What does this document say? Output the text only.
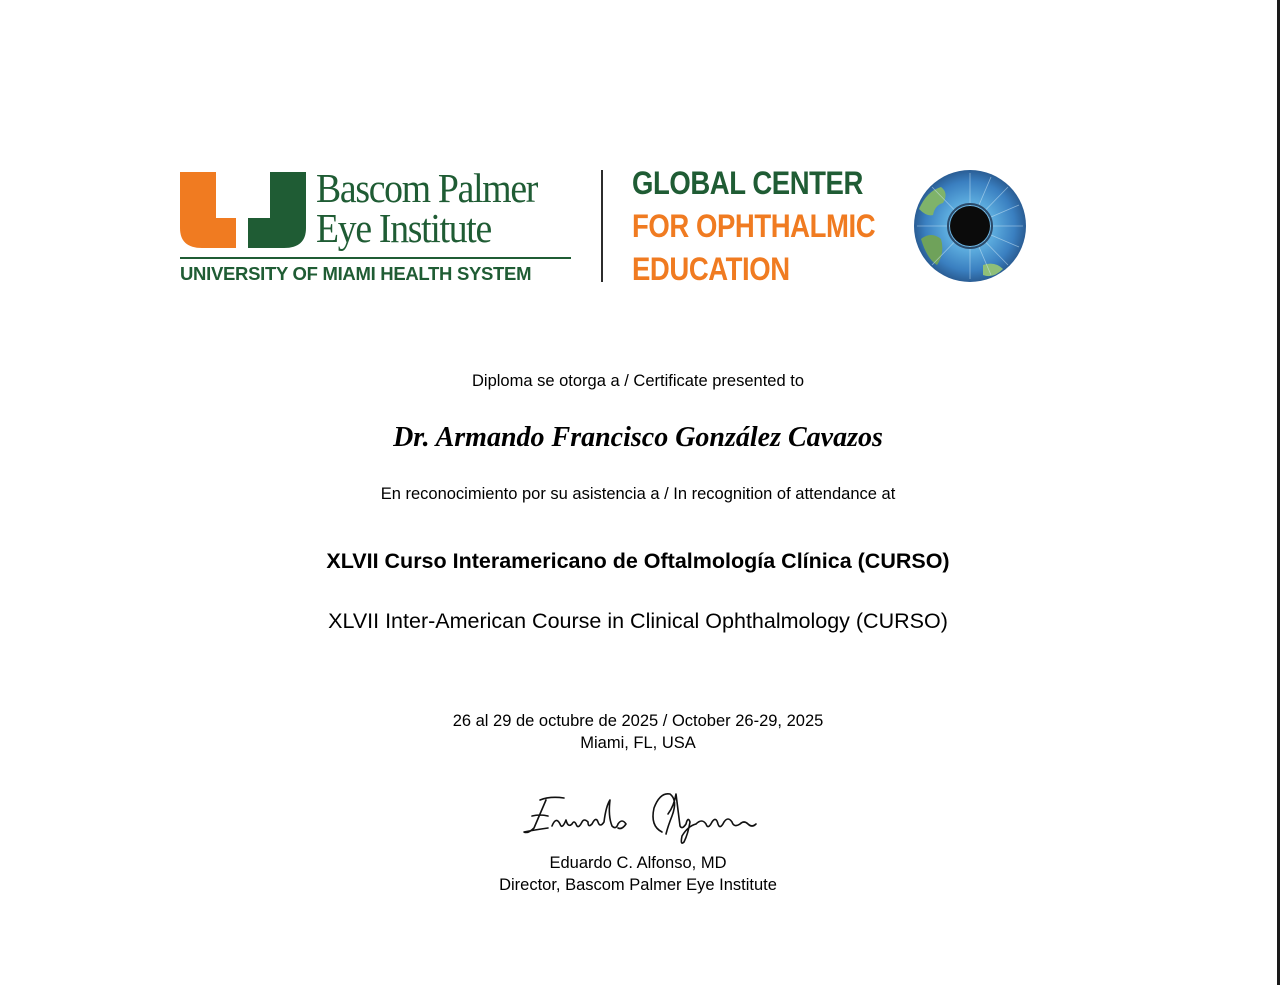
Bascom Palmer
Eye Institute
UNIVERSITY OF MIAMI HEALTH SYSTEM
GLOBAL CENTER
FOR OPHTHALMIC
EDUCATION
Diploma se otorga a / Certificate presented to
Dr. Armando Francisco González Cavazos
En reconocimiento por su asistencia a / In recognition of attendance at
XLVII Curso Interamericano de Oftalmología Clínica (CURSO)
XLVII Inter-American Course in Clinical Ophthalmology (CURSO)
26 al 29 de octubre de 2025 / October 26-29, 2025
Miami, FL, USA
Eduardo C. Alfonso, MD
Director, Bascom Palmer Eye Institute
